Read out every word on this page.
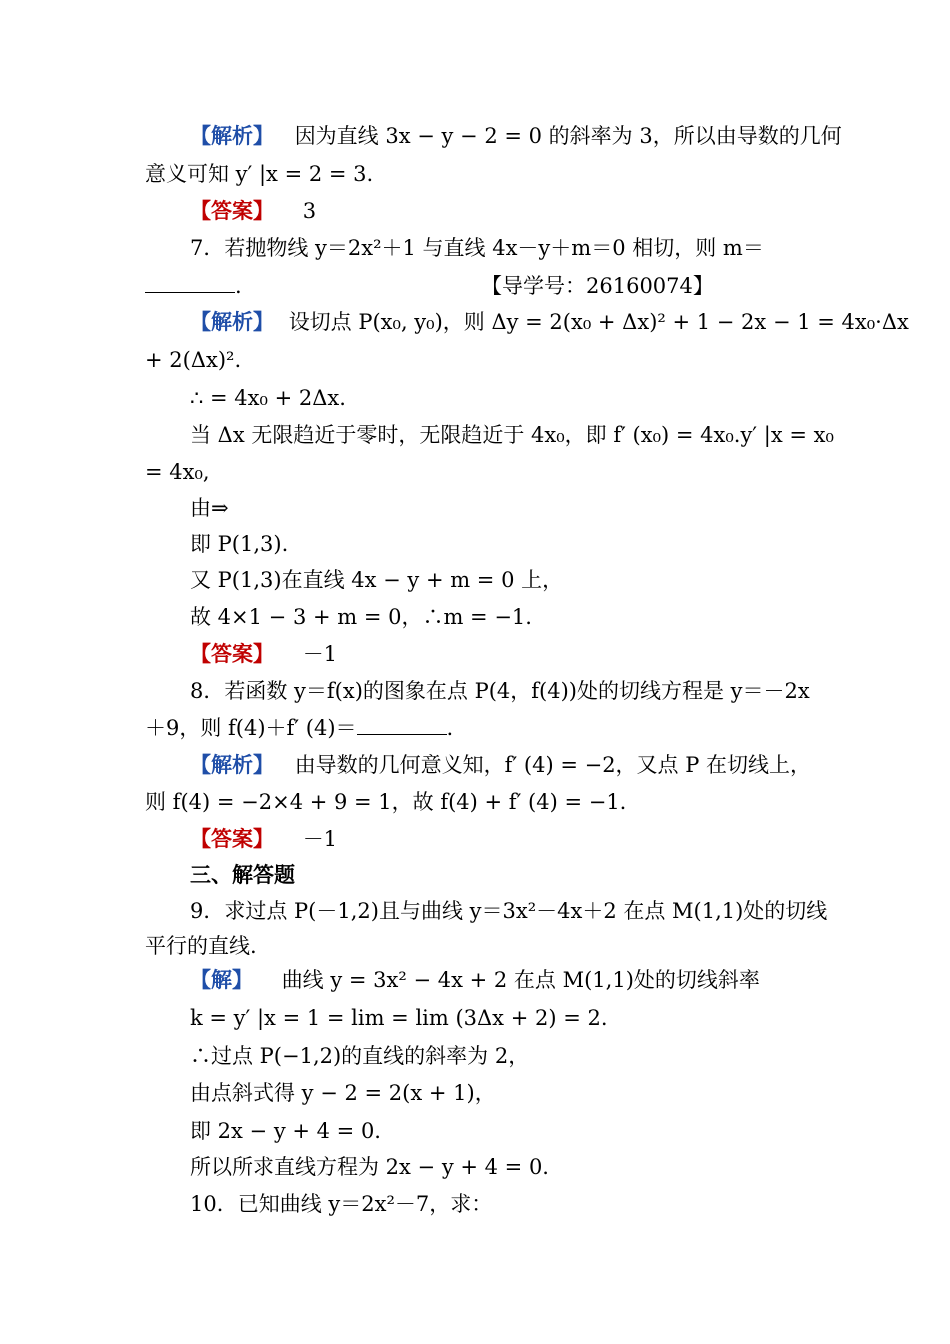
【解析】 因为直线 3x − y − 2 = 0 的斜率为 3，所以由导数的几何
意义可知 y′ |x = 2 = 3.
【答案】 3
7．若抛物线 y＝2x²＋1 与直线 4x－y＋m＝0 相切，则 m＝
.	【导学号：26160074】
【解析】 设切点 P(x₀, y₀)，则 Δy = 2(x₀ + Δx)² + 1 − 2x − 1 = 4x₀·Δx
+ 2(Δx)².
∴ = 4x₀ + 2Δx.
当 Δx 无限趋近于零时，无限趋近于 4x₀，即 f′ (x₀) = 4x₀.y′ |x = x₀
= 4x₀,
由⇒
即 P(1,3).
又 P(1,3)在直线 4x − y + m = 0 上，
故 4×1 − 3 + m = 0，∴m = −1.
【答案】 －1
8．若函数 y＝f(x)的图象在点 P(4，f(4))处的切线方程是 y＝－2x
＋9，则 f(4)＋f′ (4)＝	.
【解析】 由导数的几何意义知，f′ (4) = −2，又点 P 在切线上，
则 f(4) = −2×4 + 9 = 1，故 f(4) + f′ (4) = −1.
【答案】 －1
三、解答题
9．求过点 P(－1,2)且与曲线 y＝3x²－4x＋2 在点 M(1,1)处的切线
平行的直线.
【解】 曲线 y = 3x² − 4x + 2 在点 M(1,1)处的切线斜率
k = y′ |x = 1 = lim = lim (3Δx + 2) = 2.
∴过点 P(−1,2)的直线的斜率为 2，
由点斜式得 y − 2 = 2(x + 1)，
即 2x − y + 4 = 0.
所以所求直线方程为 2x − y + 4 = 0.
10．已知曲线 y＝2x²－7，求：
